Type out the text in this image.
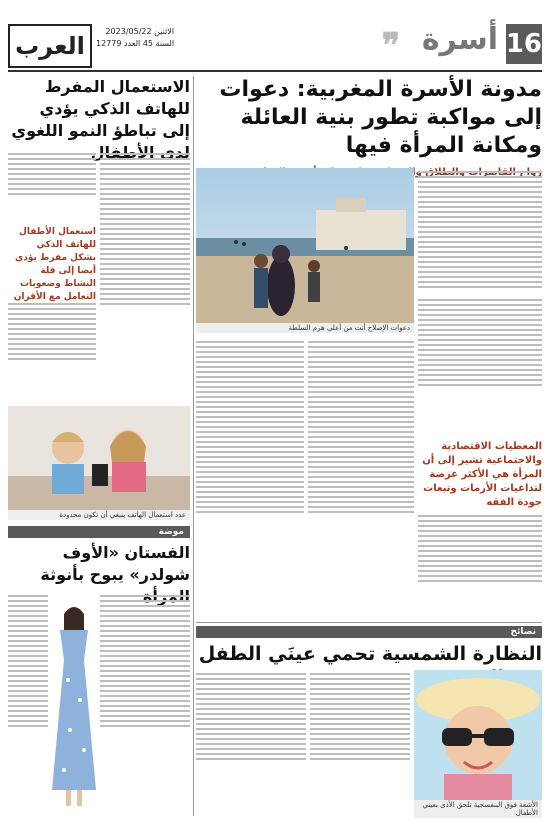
16
أسرة
❞
العرب
الاثنين 2023/05/22
السنة 45 العدد 12779
مدونة الأسرة المغربية: دعوات إلى مواكبة تطور بنية العائلة ومكانة المرأة فيها
دعوات الإصلاح أتت من أعلى هرم السلطة
المعطيات الاقتصادية والاجتماعية تشير إلى أن المرأة هي الأكثر عرضة لتداعيات الأزمات وتبعات جودة الفقه
الاستعمال المفرط للهاتف الذكي يؤدي إلى تباطؤ النمو اللغوي
استعمال الأطفال للهاتف الذكي بشكل مفرط يؤدي أيضا إلى قلة النشاط وصعوبات التعامل مع الأقران
عدد استعمال الهاتف ينبغي أن تكون محدودة
موضة
الفستان «الأوف شولدر» يبوح بأنوثة
نصائح
النظارة الشمسية تحمي عينَي الطفل
الأشعة فوق البنفسجية تلحق الأذى بعيني الأطفال
